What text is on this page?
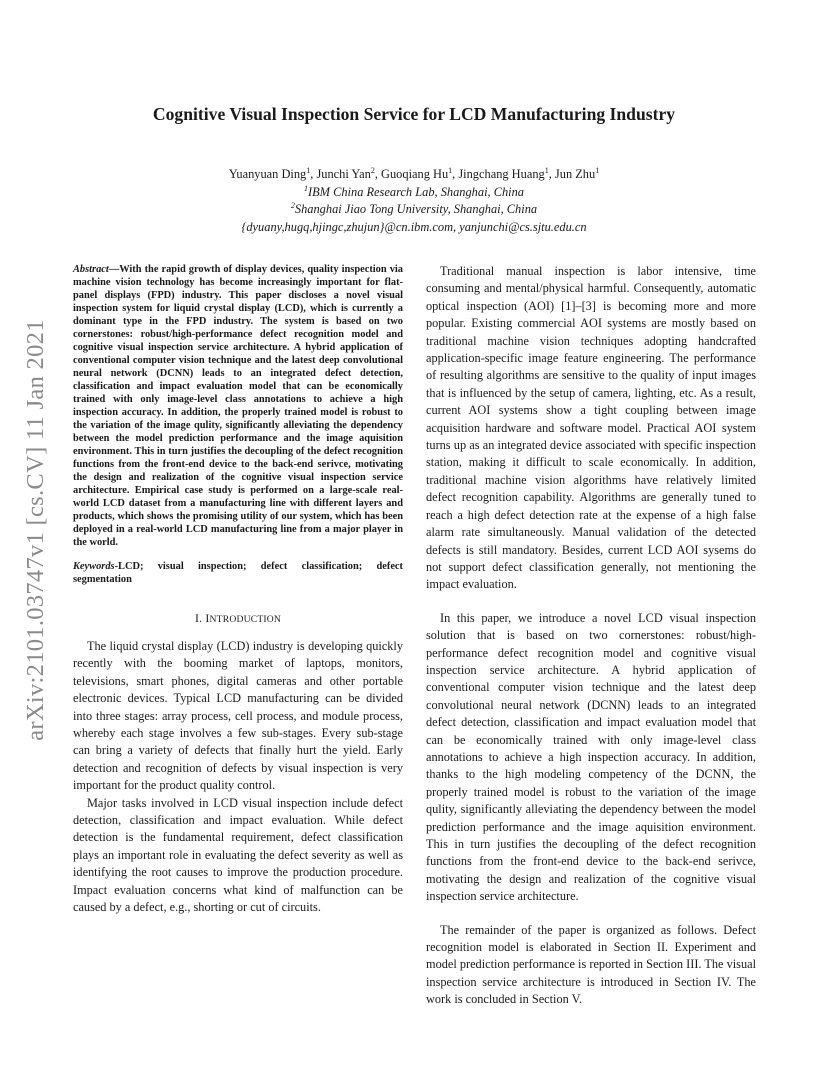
arXiv:2101.03747v1 [cs.CV] 11 Jan 2021
Cognitive Visual Inspection Service for LCD Manufacturing Industry
Yuanyuan Ding$^1$, Junchi Yan$^2$, Guoqiang Hu$^1$, Jingchang Huang$^1$, Jun Zhu$^1$
$^1$IBM China Research Lab, Shanghai, China
$^2$Shanghai Jiao Tong University, Shanghai, China
{dyuany,hugq,hjingc,zhujun}@cn.ibm.com, yanjunchi@cs.sjtu.edu.cn

Abstract—With the rapid growth of display devices, quality inspection via machine vision technology has become increasingly important for flat-panel displays (FPD) industry. This paper discloses a novel visual inspection system for liquid crystal display (LCD), which is currently a dominant type in the FPD industry. The system is based on two cornerstones: robust/high-performance defect recognition model and cognitive visual inspection service architecture. A hybrid application of conventional computer vision technique and the latest deep convolutional neural network (DCNN) leads to an integrated defect detection, classification and impact evaluation model that can be economically trained with only image-level class annotations to achieve a high inspection accuracy. In addition, the properly trained model is robust to the variation of the image qulity, significantly alleviating the dependency between the model prediction performance and the image aquisition environment. This in turn justifies the decoupling of the defect recognition functions from the front-end device to the back-end serivce, motivating the design and realization of the cognitive visual inspection service architecture. Empirical case study is performed on a large-scale real-world LCD dataset from a manufacturing line with different layers and products, which shows the promising utility of our system, which has been deployed in a real-world LCD manufacturing line from a major player in the world.

Keywords-LCD; visual inspection; defect classification; defect segmentation

I. INTRODUCTION

The liquid crystal display (LCD) industry is developing quickly recently with the booming market of laptops, monitors, televisions, smart phones, digital cameras and other portable electronic devices. Typical LCD manufacturing can be divided into three stages: array process, cell process, and module process, whereby each stage involves a few sub-stages. Every sub-stage can bring a variety of defects that finally hurt the yield. Early detection and recognition of defects by visual inspection is very important for the product quality control.

Major tasks involved in LCD visual inspection include defect detection, classification and impact evaluation. While defect detection is the fundamental requirement, defect classification plays an important role in evaluating the defect severity as well as identifying the root causes to improve the production procedure. Impact evaluation concerns what kind of malfunction can be caused by a defect, e.g., shorting or cut of circuits.

Traditional manual inspection is labor intensive, time consuming and mental/physical harmful. Consequently, automatic optical inspection (AOI) [1]–[3] is becoming more and more popular. Existing commercial AOI systems are mostly based on traditional machine vision techniques adopting handcrafted application-specific image feature engineering. The performance of resulting algorithms are sensitive to the quality of input images that is influenced by the setup of camera, lighting, etc. As a result, current AOI systems show a tight coupling between image acquisition hardware and software model. Practical AOI system turns up as an integrated device associated with specific inspection station, making it difficult to scale economically. In addition, traditional machine vision algorithms have relatively limited defect recognition capability. Algorithms are generally tuned to reach a high defect detection rate at the expense of a high false alarm rate simultaneously. Manual validation of the detected defects is still mandatory. Besides, current LCD AOI sysems do not support defect classification generally, not mentioning the impact evaluation.

In this paper, we introduce a novel LCD visual inspection solution that is based on two cornerstones: robust/high-performance defect recognition model and cognitive visual inspection service architecture. A hybrid application of conventional computer vision technique and the latest deep convolutional neural network (DCNN) leads to an integrated defect detection, classification and impact evaluation model that can be economically trained with only image-level class annotations to achieve a high inspection accuracy. In addition, thanks to the high modeling competency of the DCNN, the properly trained model is robust to the variation of the image qulity, significantly alleviating the dependency between the model prediction performance and the image aquisition environment. This in turn justifies the decoupling of the defect recognition functions from the front-end device to the back-end serivce, motivating the design and realization of the cognitive visual inspection service architecture.

The remainder of the paper is organized as follows. Defect recognition model is elaborated in Section II. Experiment and model prediction performance is reported in Section III. The visual inspection service architecture is introduced in Section IV. The work is concluded in Section V.
